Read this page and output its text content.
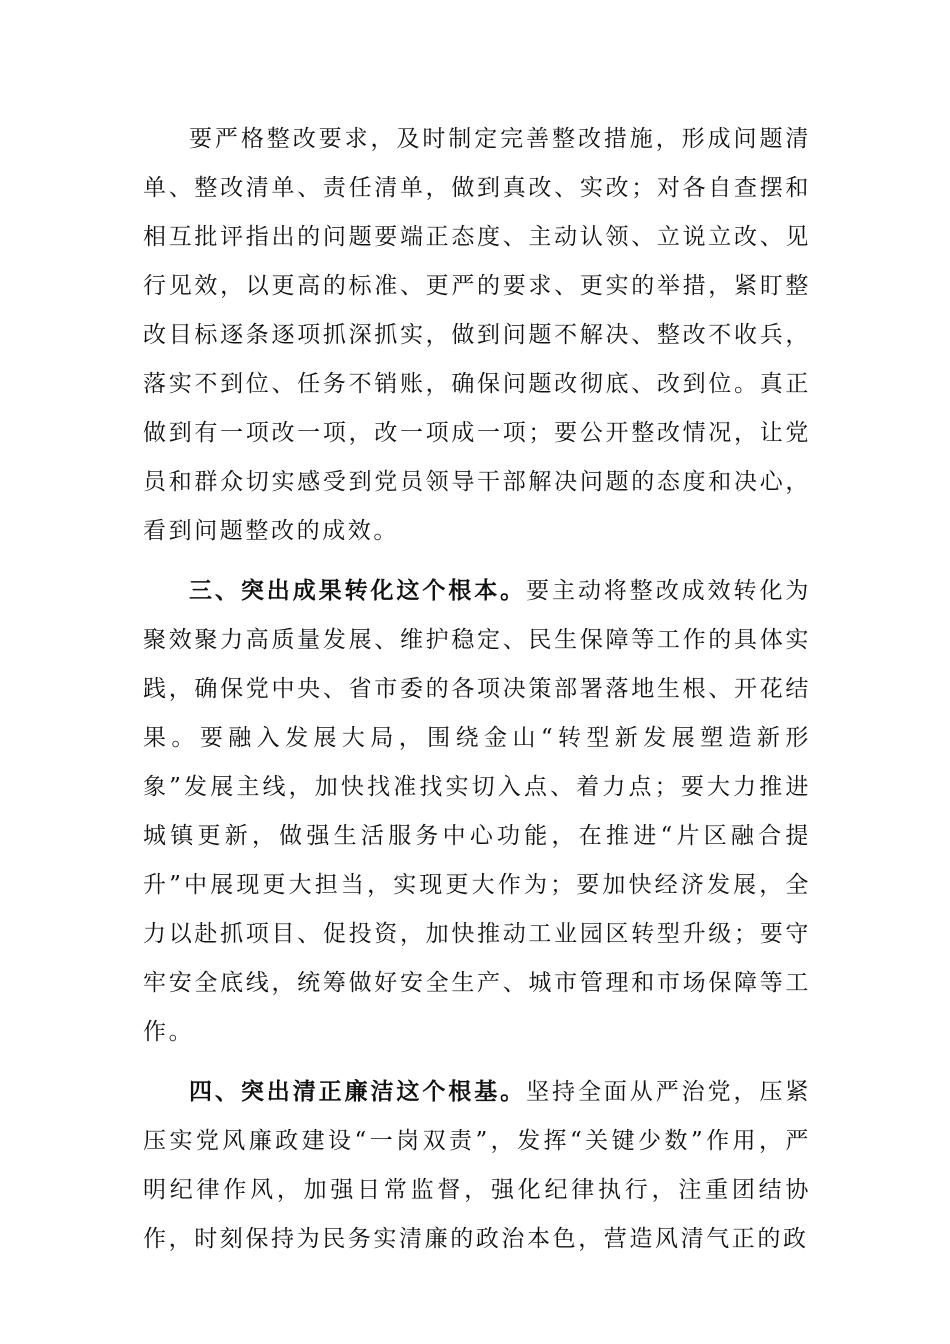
要严格整改要求，及时制定完善整改措施，形成问题清单、整改清单、责任清单，做到真改、实改；对各自查摆和相互批评指出的问题要端正态度、主动认领、立说立改、见行见效，以更高的标准、更严的要求、更实的举措，紧盯整改目标逐条逐项抓深抓实，做到问题不解决、整改不收兵，落实不到位、任务不销账，确保问题改彻底、改到位。真正做到有一项改一项，改一项成一项；要公开整改情况，让党员和群众切实感受到党员领导干部解决问题的态度和决心，看到问题整改的成效。

三、突出成果转化这个根本。要主动将整改成效转化为聚效聚力高质量发展、维护稳定、民生保障等工作的具体实践，确保党中央、省市委的各项决策部署落地生根、开花结果。要融入发展大局，围绕金山“转型新发展塑造新形象”发展主线，加快找准找实切入点、着力点；要大力推进城镇更新，做强生活服务中心功能，在推进“片区融合提升”中展现更大担当，实现更大作为；要加快经济发展，全力以赴抓项目、促投资，加快推动工业园区转型升级；要守牢安全底线，统筹做好安全生产、城市管理和市场保障等工作。

四、突出清正廉洁这个根基。坚持全面从严治党，压紧压实党风廉政建设“一岗双责”，发挥“关键少数”作用，严明纪律作风，加强日常监督，强化纪律执行，注重团结协作，时刻保持为民务实清廉的政治本色，营造风清气正的政
